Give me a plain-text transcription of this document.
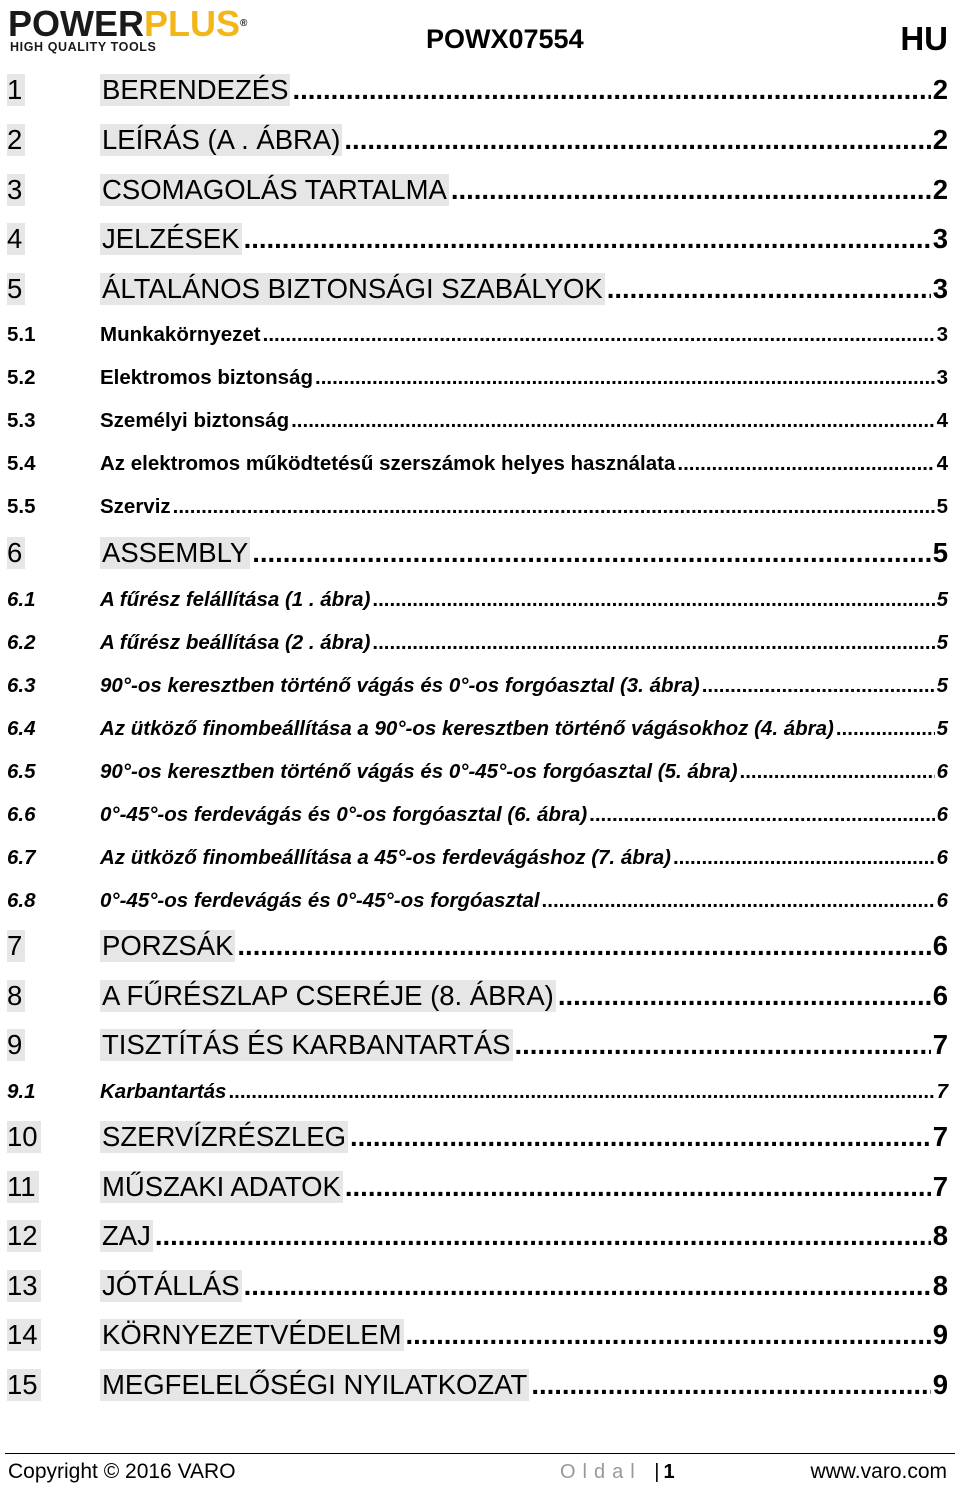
POWERPLUS®
HIGH QUALITY TOOLS	POWX07554	HU
1	BERENDEZÉS .....	2
2	LEÍRÁS (A . ÁBRA) .....	2
3	CSOMAGOLÁS TARTALMA .....	2
4	JELZÉSEK .....	3
5	ÁLTALÁNOS BIZTONSÁGI SZABÁLYOK .....	3
5.1	Munkakörnyezet .....	3
5.2	Elektromos biztonság .....	3
5.3	Személyi biztonság .....	4
5.4	Az elektromos működtetésű szerszámok helyes használata .....	4
5.5	Szerviz .....	5
6	ASSEMBLY .....	5
6.1	A fűrész felállítása (1 . ábra) .....	5
6.2	A fűrész beállítása (2 . ábra) .....	5
6.3	90°-os keresztben történő vágás és 0°-os forgóasztal (3. ábra) .....	5
6.4	Az ütköző finombeállítása a 90°-os keresztben történő vágásokhoz (4. ábra) .....	5
6.5	90°-os keresztben történő vágás és 0°-45°-os forgóasztal (5. ábra) .....	6
6.6	0°-45°-os ferdevágás és 0°-os forgóasztal (6. ábra) .....	6
6.7	Az ütköző finombeállítása a 45°-os ferdevágáshoz (7. ábra) .....	6
6.8	0°-45°-os ferdevágás és 0°-45°-os forgóasztal .....	6
7	PORZSÁK .....	6
8	A FŰRÉSZLAP CSERÉJE (8. ÁBRA) .....	6
9	TISZTÍTÁS ÉS KARBANTARTÁS .....	7
9.1	Karbantartás .....	7
10 SZERVÍZRÉSZLEG .....	7
11 MŰSZAKI ADATOK .....	7
12 ZAJ .....	8
13 JÓTÁLLÁS .....	8
14 KÖRNYEZETVÉDELEM .....	9
15 MEGFELELŐSÉGI NYILATKOZAT .....	9
Copyright © 2016 VARO	Oldal |1	www.varo.com
